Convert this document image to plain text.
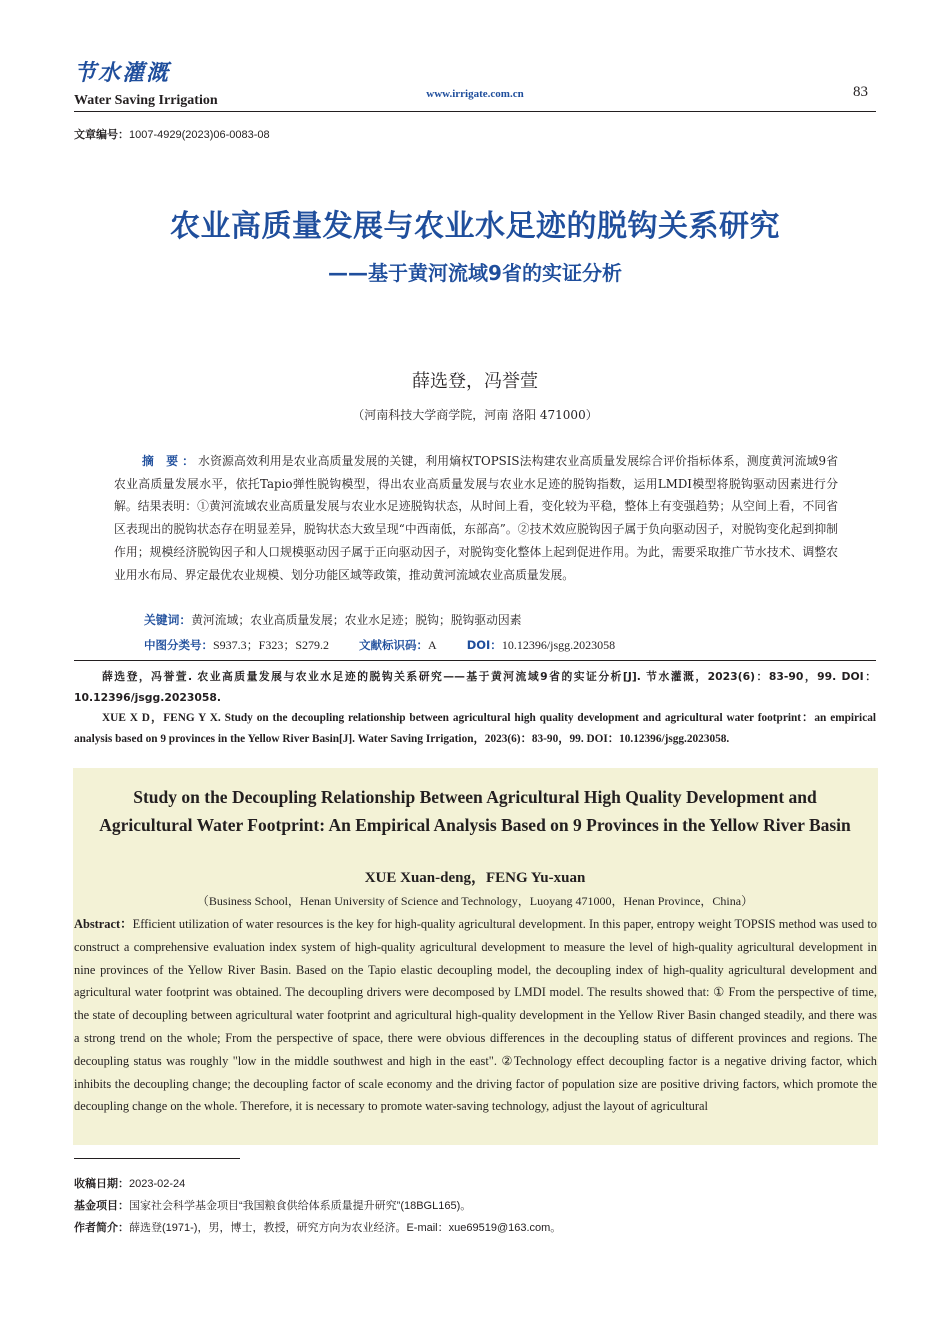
节水灌溉
Water Saving Irrigation	www.irrigate.com.cn	83
文章编号：1007-4929(2023)06-0083-08
农业高质量发展与农业水足迹的脱钩关系研究
——基于黄河流域9省的实证分析
薛选登，冯誉萱
（河南科技大学商学院，河南 洛阳 471000）
摘 要：水资源高效利用是农业高质量发展的关键，利用熵权TOPSIS法构建农业高质量发展综合评价指标体系，测度黄河流域9省农业高质量发展水平，依托Tapio弹性脱钩模型，得出农业高质量发展与农业水足迹的脱钩指数，运用LMDI模型将脱钩驱动因素进行分解。结果表明：①黄河流域农业高质量发展与农业水足迹脱钩状态，从时间上看，变化较为平稳，整体上有变强趋势；从空间上看，不同省区表现出的脱钩状态存在明显差异，脱钩状态大致呈现“中西南低，东部高”。②技术效应脱钩因子属于负向驱动因子，对脱钩变化起到抑制作用；规模经济脱钩因子和人口规模驱动因子属于正向驱动因子，对脱钩变化整体上起到促进作用。为此，需要采取推广节水技术、调整农业用水布局、界定最优农业规模、划分功能区域等政策，推动黄河流域农业高质量发展。
关键词：黄河流域；农业高质量发展；农业水足迹；脱钩；脱钩驱动因素
中图分类号：S937.3；F323；S279.2	文献标识码：A	DOI：10.12396/jsgg.2023058

薛选登，冯誉萱. 农业高质量发展与农业水足迹的脱钩关系研究——基于黄河流域9省的实证分析[J]. 节水灌溉，2023(6)：83-90，99. DOI：10.12396/jsgg.2023058.

XUE X D，FENG Y X. Study on the decoupling relationship between agricultural high quality development and agricultural water footprint：an empirical analysis based on 9 provinces in the Yellow River Basin[J]. Water Saving Irrigation，2023(6)：83-90，99. DOI：10.12396/jsgg.2023058.

Study on the Decoupling Relationship Between Agricultural High Quality Development and Agricultural Water Footprint: An Empirical Analysis Based on 9 Provinces in the Yellow River Basin
XUE Xuan-deng，FENG Yu-xuan
（Business School，Henan University of Science and Technology，Luoyang 471000，Henan Province，China）
Abstract：Efficient utilization of water resources is the key for high-quality agricultural development. In this paper, entropy weight TOPSIS method was used to construct a comprehensive evaluation index system of high-quality agricultural development to measure the level of high-quality agricultural development in nine provinces of the Yellow River Basin. Based on the Tapio elastic decoupling model, the decoupling index of high-quality agricultural development and agricultural water footprint was obtained. The decoupling drivers were decomposed by LMDI model. The results showed that: ① From the perspective of time, the state of decoupling between agricultural water footprint and agricultural high-quality development in the Yellow River Basin changed steadily, and there was a strong trend on the whole; From the perspective of space, there were obvious differences in the decoupling status of different provinces and regions. The decoupling status was roughly "low in the middle southwest and high in the east". ②Technology effect decoupling factor is a negative driving factor, which inhibits the decoupling change; the decoupling factor of scale economy and the driving factor of population size are positive driving factors, which promote the decoupling change on the whole. Therefore, it is necessary to promote water-saving technology, adjust the layout of agricultural
收稿日期：2023-02-24
基金项目：国家社会科学基金项目“我国粮食供给体系质量提升研究”(18BGL165)。
作者简介：薛选登(1971-)，男，博士，教授，研究方向为农业经济。E-mail：xue69519@163.com。
